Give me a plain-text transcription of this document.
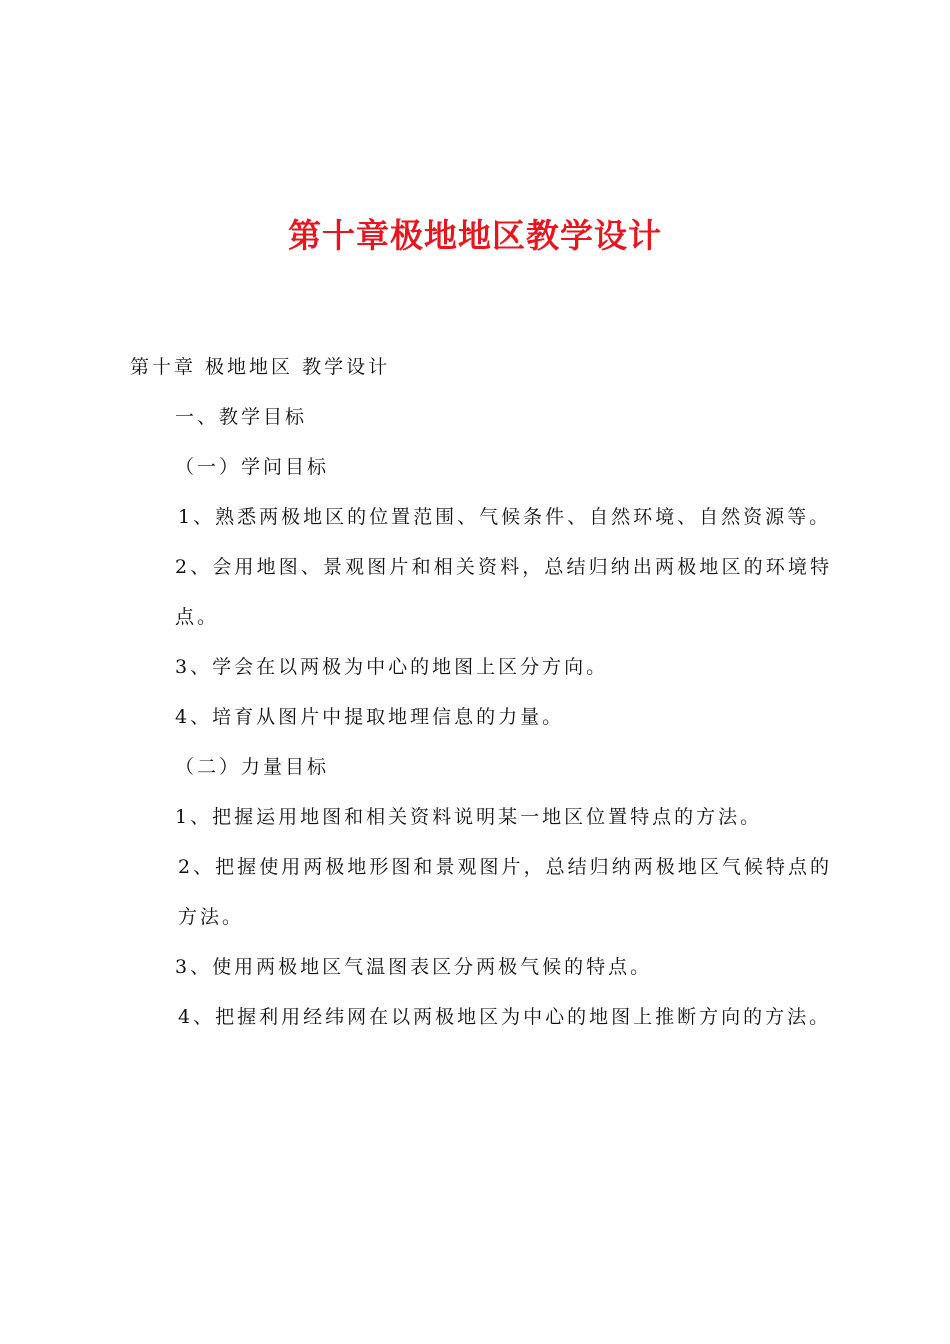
第十章极地地区教学设计

第十章 极地地区 教学设计

一、教学目标

（一）学问目标

1、熟悉两极地区的位置范围、气候条件、自然环境、自然资源等。

2、会用地图、景观图片和相关资料，总结归纳出两极地区的环境特点。

3、学会在以两极为中心的地图上区分方向。

4、培育从图片中提取地理信息的力量。

（二）力量目标

1、把握运用地图和相关资料说明某一地区位置特点的方法。

2、把握使用两极地形图和景观图片，总结归纳两极地区气候特点的方法。

3、使用两极地区气温图表区分两极气候的特点。

4、把握利用经纬网在以两极地区为中心的地图上推断方向的方法。
